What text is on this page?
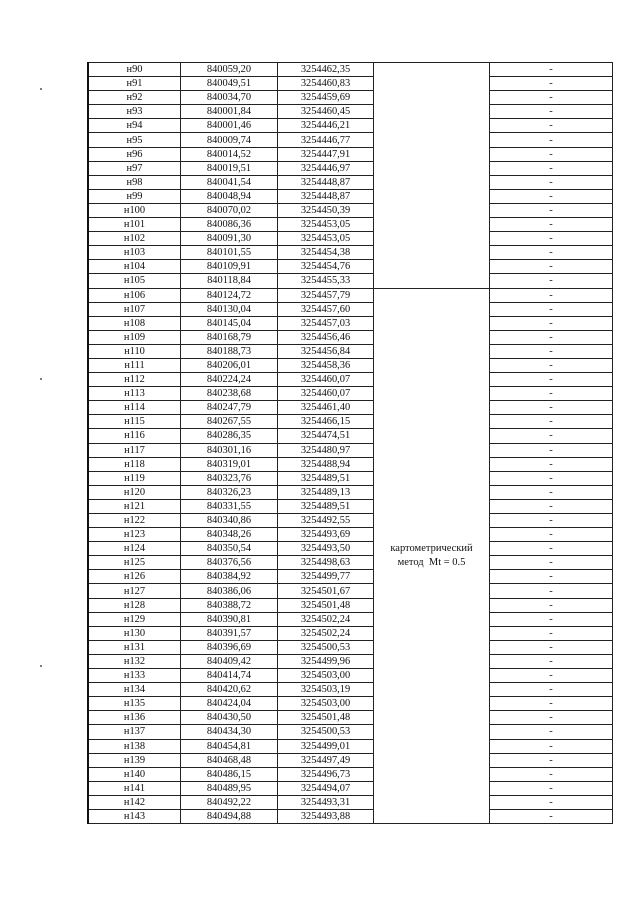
н90	840059,20	3254462,35		-
н91	840049,51	3254460,83		-
н92	840034,70	3254459,69		-
н93	840001,84	3254460,45		-
н94	840001,46	3254446,21		-
н95	840009,74	3254446,77		-
н96	840014,52	3254447,91		-
н97	840019,51	3254446,97		-
н98	840041,54	3254448,87		-
н99	840048,94	3254448,87		-
н100	840070,02	3254450,39		-
н101	840086,36	3254453,05		-
н102	840091,30	3254453,05		-
н103	840101,55	3254454,38		-
н104	840109,91	3254454,76		-
н105	840118,84	3254455,33		-
н106	840124,72	3254457,79	картометрический
метод  Mt = 0.5	-
н107	840130,04	3254457,60		-
н108	840145,04	3254457,03		-
н109	840168,79	3254456,46		-
н110	840188,73	3254456,84		-
н111	840206,01	3254458,36		-
н112	840224,24	3254460,07		-
н113	840238,68	3254460,07		-
н114	840247,79	3254461,40		-
н115	840267,55	3254466,15		-
н116	840286,35	3254474,51		-
н117	840301,16	3254480,97		-
н118	840319,01	3254488,94		-
н119	840323,76	3254489,51		-
н120	840326,23	3254489,13		-
н121	840331,55	3254489,51		-
н122	840340,86	3254492,55		-
н123	840348,26	3254493,69		-
н124	840350,54	3254493,50		-
н125	840376,56	3254498,63		-
н126	840384,92	3254499,77		-
н127	840386,06	3254501,67		-
н128	840388,72	3254501,48		-
н129	840390,81	3254502,24		-
н130	840391,57	3254502,24		-
н131	840396,69	3254500,53		-
н132	840409,42	3254499,96		-
н133	840414,74	3254503,00		-
н134	840420,62	3254503,19		-
н135	840424,04	3254503,00		-
н136	840430,50	3254501,48		-
н137	840434,30	3254500,53		-
н138	840454,81	3254499,01		-
н139	840468,48	3254497,49		-
н140	840486,15	3254496,73		-
н141	840489,95	3254494,07		-
н142	840492,22	3254493,31		-
н143	840494,88	3254493,88		-
